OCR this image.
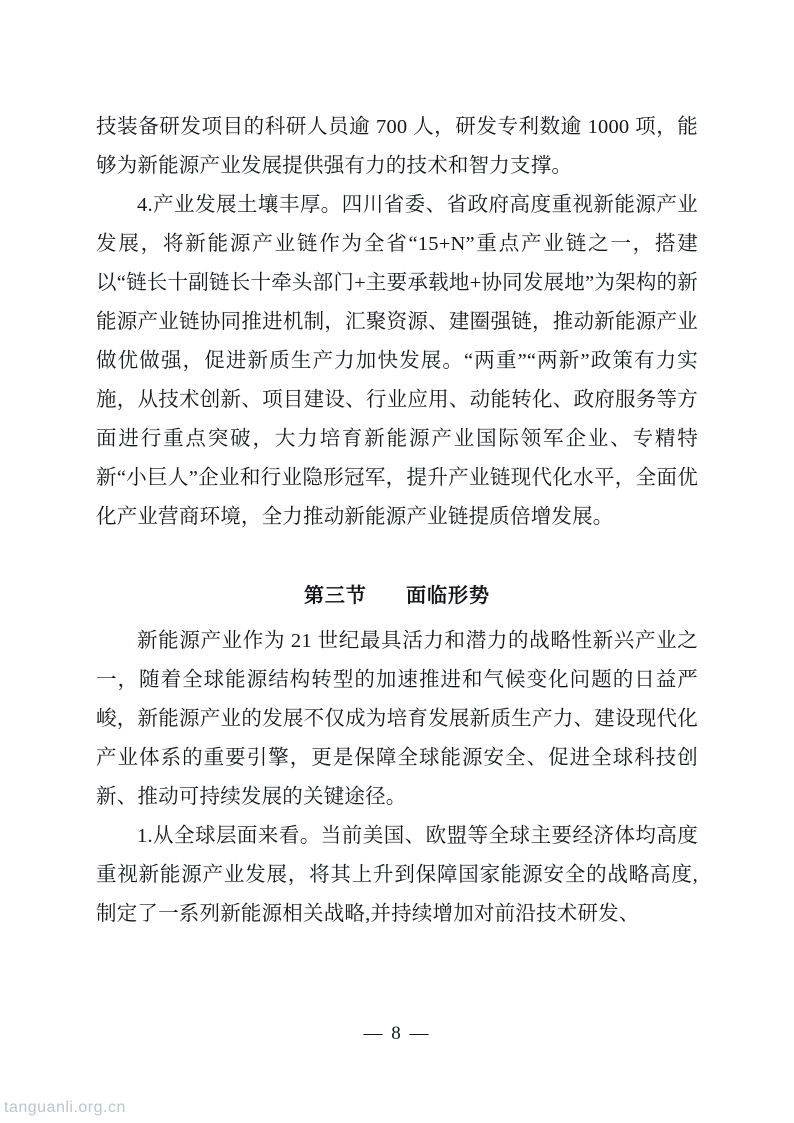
技装备研发项目的科研人员逾 700 人，研发专利数逾 1000 项，能够为新能源产业发展提供强有力的技术和智力支撑。

4.产业发展土壤丰厚。四川省委、省政府高度重视新能源产业发展，将新能源产业链作为全省“15+N”重点产业链之一，搭建以“链长十副链长十牵头部门+主要承载地+协同发展地”为架构的新能源产业链协同推进机制，汇聚资源、建圈强链，推动新能源产业做优做强，促进新质生产力加快发展。“两重”“两新”政策有力实施，从技术创新、项目建设、行业应用、动能转化、政府服务等方面进行重点突破，大力培育新能源产业国际领军企业、专精特新“小巨人”企业和行业隐形冠军，提升产业链现代化水平，全面优化产业营商环境，全力推动新能源产业链提质倍增发展。

第三节 面临形势

新能源产业作为 21 世纪最具活力和潜力的战略性新兴产业之一，随着全球能源结构转型的加速推进和气候变化问题的日益严峻，新能源产业的发展不仅成为培育发展新质生产力、建设现代化产业体系的重要引擎，更是保障全球能源安全、促进全球科技创新、推动可持续发展的关键途径。

1.从全球层面来看。当前美国、欧盟等全球主要经济体均高度重视新能源产业发展，将其上升到保障国家能源安全的战略高度,制定了一系列新能源相关战略,并持续增加对前沿技术研发、

— 8 —
tanguanli.org.cn
